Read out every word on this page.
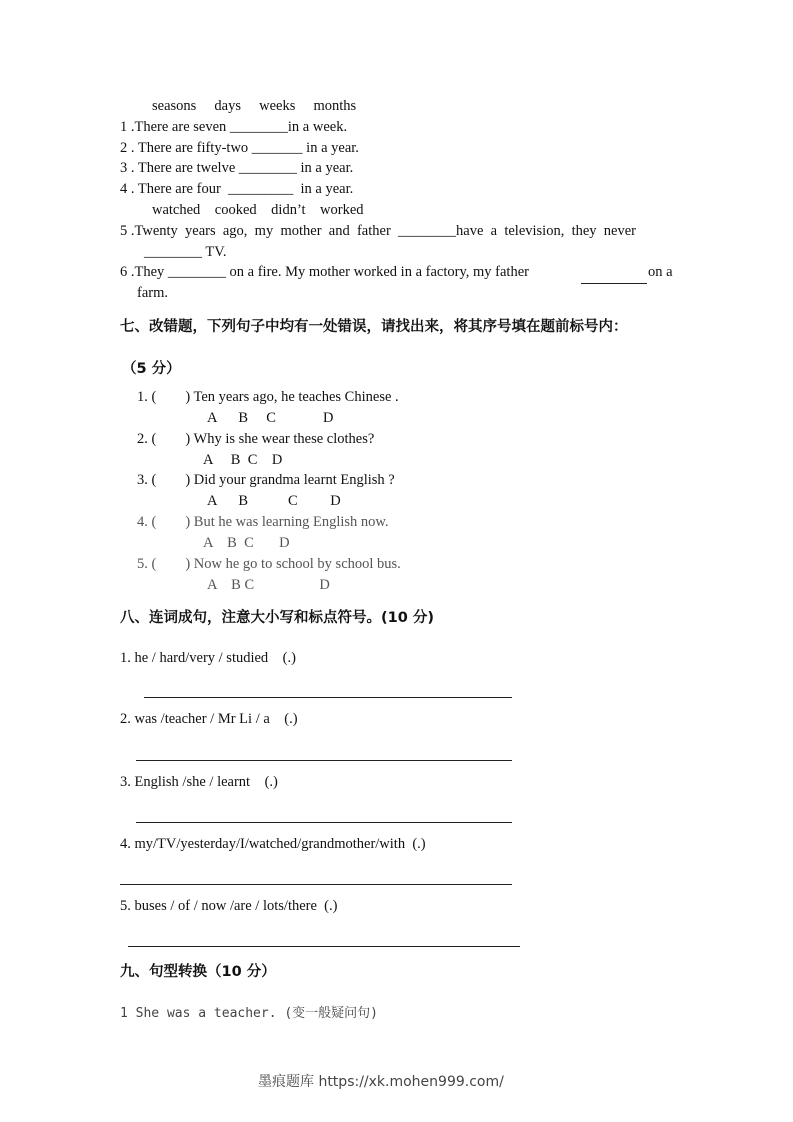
seasons     days     weeks     months
1 .There are seven ________in a week.
2 . There are fifty-two _______ in a year.
3 . There are twelve ________ in a year.
4 . There are four  _________  in a year.
watched    cooked    didn’t    worked
5 .Twenty  years  ago,  my  mother  and  father  ________have  a  television,  they  never
________ TV.
6 .They ________ on a fire. My mother worked in a factory, my father	on a
farm.
七、改错题，下列句子中均有一处错误，请找出来，将其序号填在题前标号内：
（5 分）
1. (        ) Ten years ago, he teaches Chinese .
A      B     C             D
2. (        ) Why is she wear these clothes?
A     B  C    D
3. (        ) Did your grandma learnt English ?
A      B           C         D
4. (        ) But he was learning English now.
A    B  C       D
5. (        ) Now he go to school by school bus.
A    B C                  D
八、连词成句，注意大小写和标点符号。(10 分)
1. he / hard/very / studied    (.)
2. was /teacher / Mr Li / a    (.)
3. English /she / learnt    (.)
4. my/TV/yesterday/I/watched/grandmother/with  (.)
5. buses / of / now /are / lots/there  (.)
九、句型转换（10 分）
1 She was a teacher. (变一般疑问句)
墨痕题库 https://xk.mohen999.com/
